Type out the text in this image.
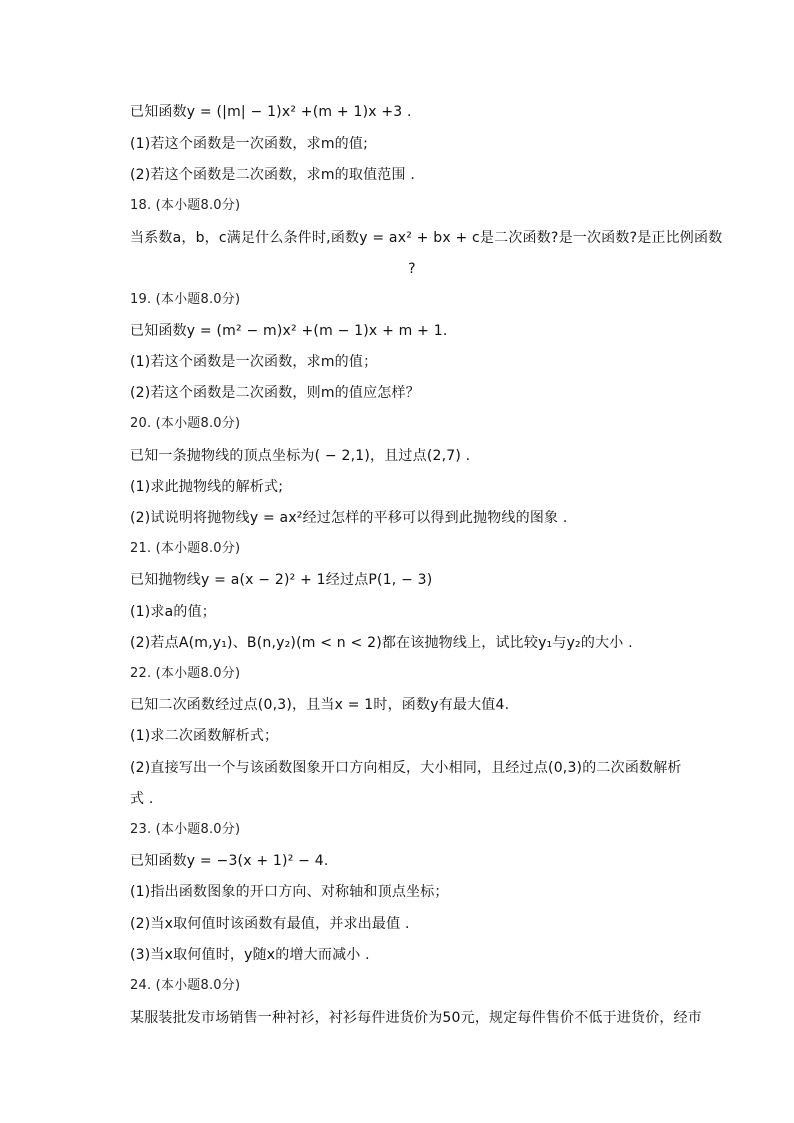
已知函数y = (|m| − 1)x² +(m + 1)x +3 .
(1)若这个函数是一次函数，求m的值;
(2)若这个函数是二次函数，求m的取值范围 .
18. (本小题8.0分)
当系数a，b，c满足什么条件时,函数y = ax² + bx + c是二次函数?是一次函数?是正比例函数
?
19. (本小题8.0分)
已知函数y = (m² − m)x² +(m − 1)x + m + 1.
(1)若这个函数是一次函数，求m的值；
(2)若这个函数是二次函数，则m的值应怎样？
20. (本小题8.0分)
已知一条抛物线的顶点坐标为( − 2,1)，且过点(2,7) .
(1)求此抛物线的解析式;
(2)试说明将抛物线y = ax²经过怎样的平移可以得到此抛物线的图象 .
21. (本小题8.0分)
已知抛物线y = a(x − 2)² + 1经过点P(1, − 3)
(1)求a的值；
(2)若点A(m,y₁)、B(n,y₂)(m < n < 2)都在该抛物线上，试比较y₁与y₂的大小 .
22. (本小题8.0分)
已知二次函数经过点(0,3)，且当x = 1时，函数y有最大值4.
(1)求二次函数解析式；
(2)直接写出一个与该函数图象开口方向相反，大小相同，且经过点(0,3)的二次函数解析
式 .
23. (本小题8.0分)
已知函数y = −3(x + 1)² − 4.
(1)指出函数图象的开口方向、对称轴和顶点坐标；
(2)当x取何值时该函数有最值，并求出最值 .
(3)当x取何值时，y随x的增大而减小 .
24. (本小题8.0分)
某服装批发市场销售一种衬衫，衬衫每件进货价为50元，规定每件售价不低于进货价，经市
